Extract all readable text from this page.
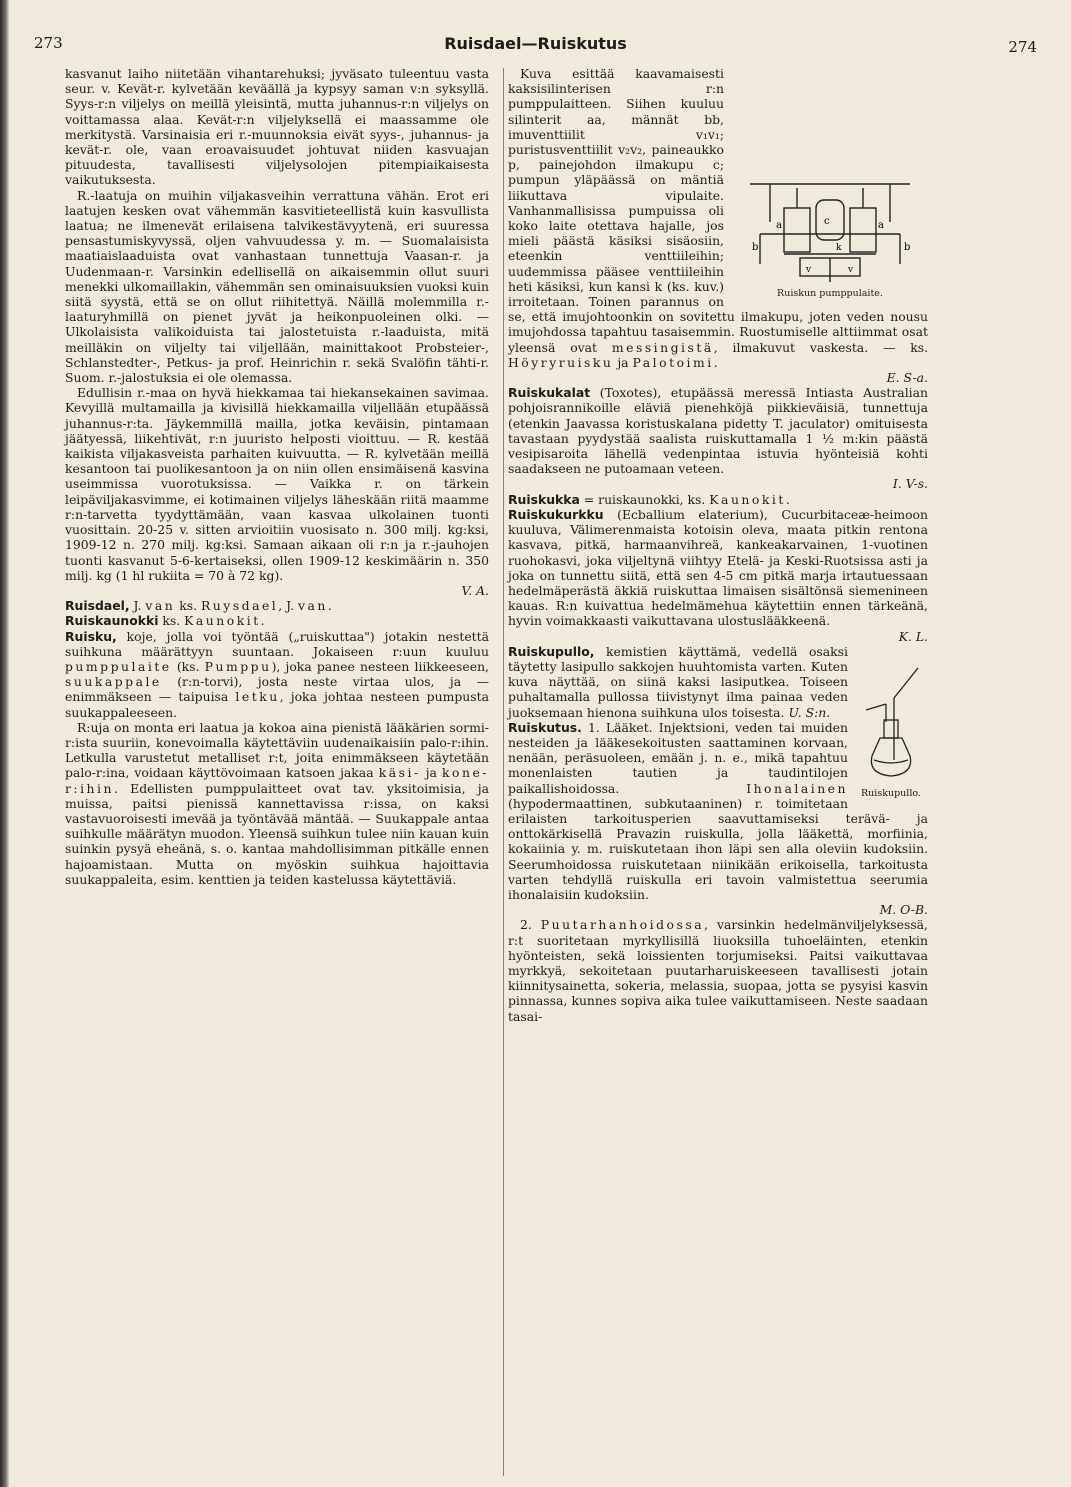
273	Ruisdael—Ruiskutus	274

kasvanut laiho niitetään vihantarehuksi; jyväsato tuleentuu vasta seur. v. Kevät-r. kylvetään keväällä ja kypsyy saman v:n syksyllä. Syys-r:n viljelys on meillä yleisintä, mutta juhannus-r:n viljelys on voittamassa alaa. Kevät-r:n viljelyksellä ei maassamme ole merkitystä. Varsinaisia eri r.-muunnoksia eivät syys-, juhannus- ja kevät-r. ole, vaan eroavaisuudet johtuvat niiden kasvuajan pituudesta, tavallisesti viljelysolojen pitempiaikaisesta vaikutuksesta.

R.-laatuja on muihin viljakasveihin verrattuna vähän. Erot eri laatujen kesken ovat vähemmän kasvitieteellistä kuin kasvullista laatua; ne ilmenevät erilaisena talvikestävyytenä, eri suuressa pensastumiskyvyssä, oljen vahvuudessa y. m. — Suomalaisista maatiaislaaduista ovat vanhastaan tunnettuja Vaasan-r. ja Uudenmaan-r. Varsinkin edellisellä on aikaisemmin ollut suuri menekki ulkomaillakin, vähemmän sen ominaisuuksien vuoksi kuin siitä syystä, että se on ollut riihitettyä. Näillä molemmilla r.-laaturyhmillä on pienet jyvät ja heikonpuoleinen olki. — Ulkolaisista valikoiduista tai jalostetuista r.-laaduista, mitä meilläkin on viljelty tai viljellään, mainittakoot Probsteier-, Schlanstedter-, Petkus- ja prof. Heinrichin r. sekä Svalöfin tähti-r. Suom. r.-jalostuksia ei ole olemassa.

Edullisin r.-maa on hyvä hiekkamaa tai hiekansekainen savimaa. Kevyillä multamailla ja kivisillä hiekkamailla viljellään etupäässä juhannus-r:ta. Jäykemmillä mailla, jotka keväisin, pintamaan jäätyessä, liikehtivät, r:n juuristo helposti vioittuu. — R. kestää kaikista viljakasveista parhaiten kuivuutta. — R. kylvetään meillä kesantoon tai puolikesantoon ja on niin ollen ensimäisenä kasvina useimmissa vuorotuksissa. — Vaikka r. on tärkein leipäviljakasvimme, ei kotimainen viljelys läheskään riitä maamme r:n-tarvetta tyydyttämään, vaan kasvaa ulkolainen tuonti vuosittain. 20-25 v. sitten arvioitiin vuosisato n. 300 milj. kg:ksi, 1909-12 n. 270 milj. kg:ksi. Samaan aikaan oli r:n ja r.-jauhojen tuonti kasvanut 5-6-kertaiseksi, ollen 1909-12 keskimäärin n. 350 milj. kg (1 hl rukiita = 70 à 72 kg).

V. A.

Ruisdael, J. van ks. Ruysdael, J. van.

Ruiskaunokki ks. Kaunokit.

Ruisku, koje, jolla voi työntää („ruiskuttaa") jotakin nestettä suihkuna määrättyyn suuntaan. Jokaiseen r:uun kuuluu pumppulaite (ks. Pumppu), joka panee nesteen liikkeeseen, suukappale (r:n-torvi), josta neste virtaa ulos, ja — enimmäkseen — taipuisa letku, joka johtaa nesteen pumpusta suukappaleeseen.

R:uja on monta eri laatua ja kokoa aina pienistä lääkärien sormi-r:ista suuriin, konevoimalla käytettäviin uudenaikaisiin palo-r:ihin. Letkulla varustetut metalliset r:t, joita enimmäkseen käytetään palo-r:ina, voidaan käyttövoimaan katsoen jakaa käsi- ja kone-r:ihin. Edellisten pumppulaitteet ovat tav. yksitoimisia, ja muissa, paitsi pienissä kannettavissa r:issa, on kaksi vastavuoroisesti imevää ja työntävää mäntää. — Suukappale antaa suihkulle määrätyn muodon. Yleensä suihkun tulee niin kauan kuin suinkin pysyä eheänä, s. o. kantaa mahdollisimman pitkälle ennen hajoamistaan. Mutta on myöskin suihkua hajoittavia suukappaleita, esim. kenttien ja teiden kastelussa käytettäviä.

a	c	a
k
b	b
v	v
Ruiskun pumppulaite.
Kuva esittää kaavamaisesti kaksisilinterisen r:n pumppulaitteen. Siihen kuuluu silinterit aa, männät bb, imuventtiilit v₁v₁; puristusventtiilit v₂v₂, paineaukko p, painejohdon ilmakupu c; pumpun yläpäässä on mäntiä liikuttava vipulaite. Vanhanmallisissa pumpuissa oli koko laite otettava hajalle, jos mieli päästä käsiksi sisäosiin, eteenkin venttiileihin; uudemmissa pääsee venttiileihin heti käsiksi, kun kansi k (ks. kuv.) irroitetaan. Toinen parannus on se, että imujohtoonkin on sovitettu ilmakupu, joten veden nousu imujohdossa tapahtuu tasaisemmin. Ruostumiselle alttiimmat osat yleensä ovat messingistä, ilmakuvut vaskesta. — ks. Höyryruisku ja Palotoimi.

E. S-a.

Ruiskukalat (Toxotes), etupäässä meressä Intiasta Australian pohjoisrannikoille eläviä pienehköjä piikkieväisiä, tunnettuja (etenkin Jaavassa koristuskalana pidetty T. jaculator) omituisesta tavastaan pyydystää saalista ruiskuttamalla 1 ½ m:kin päästä vesipisaroita lähellä vedenpintaa istuvia hyönteisiä kohti saadakseen ne putoamaan veteen.

I. V-s.

Ruiskukka = ruiskaunokki, ks. Kaunokit.

Ruiskukurkku (Ecballium elaterium), Cucurbitaceæ-heimoon kuuluva, Välimerenmaista kotoisin oleva, maata pitkin rentona kasvava, pitkä, harmaanvihreä, kankeakarvainen, 1-vuotinen ruohokasvi, joka viljeltynä viihtyy Etelä- ja Keski-Ruotsissa asti ja joka on tunnettu siitä, että sen 4-5 cm pitkä marja irtautuessaan hedelmäperästä äkkiä ruiskuttaa limaisen sisältönsä siemenineen kauas. R:n kuivattua hedelmämehua käytettiin ennen tärkeänä, hyvin voimakkaasti vaikuttavana ulostuslääkkeenä.

K. L.

Ruiskupullo.
Ruiskupullo, kemistien käyttämä, vedellä osaksi täytetty lasipullo sakkojen huuhtomista varten. Kuten kuva näyttää, on siinä kaksi lasiputkea. Toiseen puhaltamalla pullossa tiivistynyt ilma painaa veden juoksemaan hienona suihkuna ulos toisesta. U. S:n.

Ruiskutus. 1. Lääket. Injektsioni, veden tai muiden nesteiden ja lääkesekoitusten saattaminen korvaan, nenään, peräsuoleen, emään j. n. e., mikä tapahtuu monenlaisten tautien ja taudintilojen paikallishoidossa. Ihonalainen (hypodermaattinen, subkutaaninen) r. toimitetaan erilaisten tarkoitusperien saavuttamiseksi terävä- ja onttokärkisellä Pravazin ruiskulla, jolla lääkettä, morfiinia, kokaiinia y. m. ruiskutetaan ihon läpi sen alla oleviin kudoksiin. Seerumhoidossa ruiskutetaan niinikään erikoisella, tarkoitusta varten tehdyllä ruiskulla eri tavoin valmistettua seerumia ihonalaisiin kudoksiin.

M. O-B.

2. Puutarhanhoidossa, varsinkin hedelmänviljelyksessä, r:t suoritetaan myrkyllisillä liuoksilla tuhoeläinten, etenkin hyönteisten, sekä loissienten torjumiseksi. Paitsi vaikuttavaa myrkkyä, sekoitetaan puutarharuiskeeseen tavallisesti jotain kiinnitysainetta, sokeria, melassia, suopaa, jotta se pysyisi kasvin pinnassa, kunnes sopiva aika tulee vaikuttamiseen. Neste saadaan tasai-
